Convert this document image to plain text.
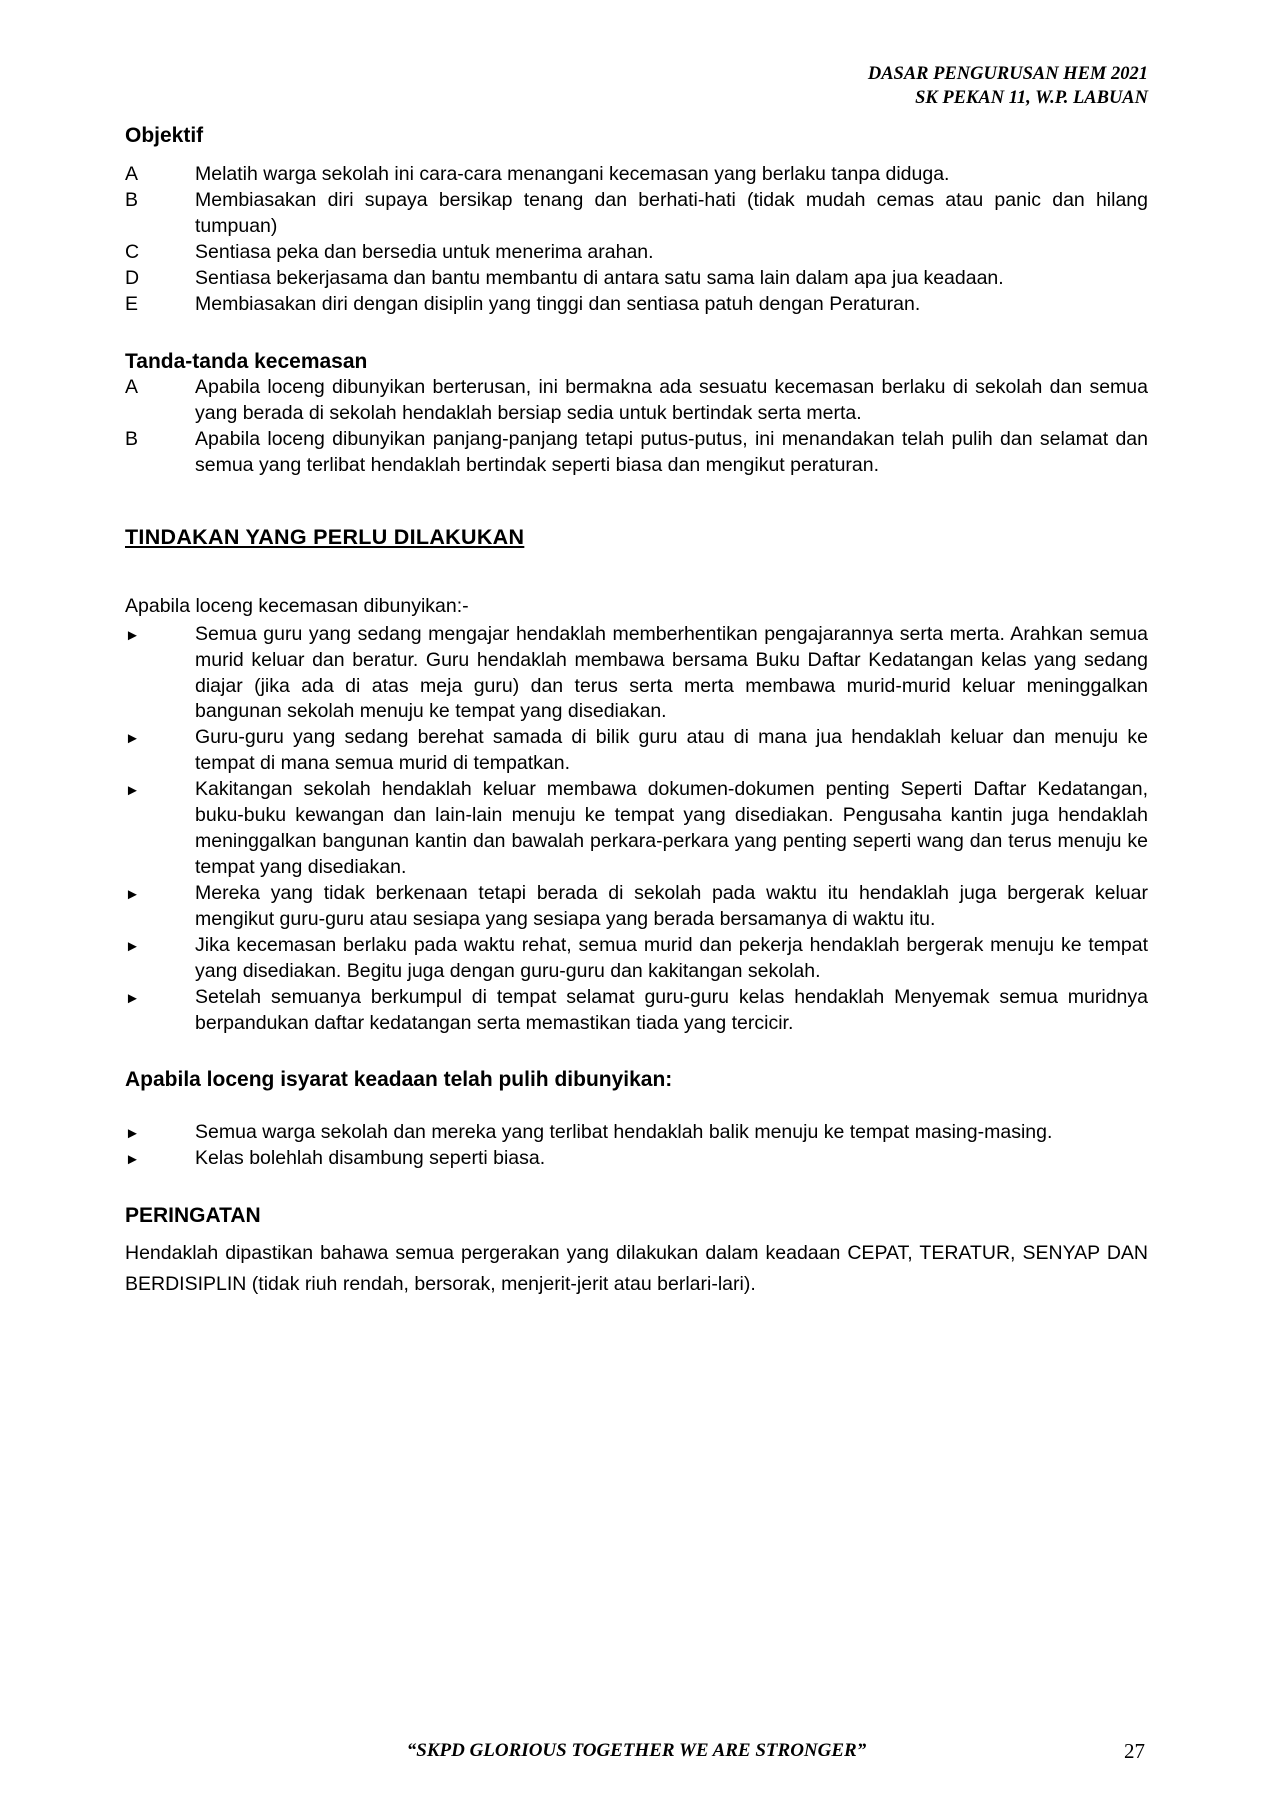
DASAR PENGURUSAN HEM 2021
SK PEKAN 11, W.P. LABUAN
Objektif
A	Melatih warga sekolah ini cara-cara menangani kecemasan yang berlaku tanpa diduga.
B	Membiasakan diri supaya bersikap tenang dan berhati-hati (tidak mudah cemas atau panic dan hilang tumpuan)
C	Sentiasa peka dan bersedia untuk menerima arahan.
D	Sentiasa bekerjasama dan bantu membantu di antara satu sama lain dalam apa jua keadaan.
E	Membiasakan diri dengan disiplin yang tinggi dan sentiasa patuh dengan Peraturan.
Tanda-tanda kecemasan
A	Apabila loceng dibunyikan berterusan, ini bermakna ada sesuatu kecemasan berlaku di sekolah dan semua yang berada di sekolah hendaklah bersiap sedia untuk bertindak serta merta.
B	Apabila loceng dibunyikan panjang-panjang tetapi putus-putus, ini menandakan telah pulih dan selamat dan semua yang terlibat hendaklah bertindak seperti biasa dan mengikut peraturan.
TINDAKAN YANG PERLU DILAKUKAN
Apabila loceng kecemasan dibunyikan:-
►	Semua guru yang sedang mengajar hendaklah memberhentikan pengajarannya serta merta. Arahkan semua murid keluar dan beratur. Guru hendaklah membawa bersama Buku Daftar Kedatangan kelas yang sedang diajar (jika ada di atas meja guru) dan terus serta merta membawa murid-murid keluar meninggalkan bangunan sekolah menuju ke tempat yang disediakan.
►	Guru-guru yang sedang berehat samada di bilik guru atau di mana jua hendaklah keluar dan menuju ke tempat di mana semua murid di tempatkan.
►	Kakitangan sekolah hendaklah keluar membawa dokumen-dokumen penting Seperti Daftar Kedatangan, buku-buku kewangan dan lain-lain menuju ke tempat yang disediakan. Pengusaha kantin juga hendaklah meninggalkan bangunan kantin dan bawalah perkara-perkara yang penting seperti wang dan terus menuju ke tempat yang disediakan.
►	Mereka yang tidak berkenaan tetapi berada di sekolah pada waktu itu hendaklah juga bergerak keluar mengikut guru-guru atau sesiapa yang sesiapa yang berada bersamanya di waktu itu.
►	Jika kecemasan berlaku pada waktu rehat, semua murid dan pekerja hendaklah bergerak menuju ke tempat yang disediakan. Begitu juga dengan guru-guru dan kakitangan sekolah.
►	Setelah semuanya berkumpul di tempat selamat guru-guru kelas hendaklah Menyemak semua muridnya berpandukan daftar kedatangan serta memastikan tiada yang tercicir.
Apabila loceng isyarat keadaan telah pulih dibunyikan:
►	Semua warga sekolah dan mereka yang terlibat hendaklah balik menuju ke tempat masing-masing.
►	Kelas bolehlah disambung seperti biasa.
PERINGATAN
Hendaklah dipastikan bahawa semua pergerakan yang dilakukan dalam keadaan CEPAT, TERATUR, SENYAP DAN BERDISIPLIN (tidak riuh rendah, bersorak, menjerit-jerit atau berlari-lari).
“SKPD GLORIOUS TOGETHER WE ARE STRONGER”	27
